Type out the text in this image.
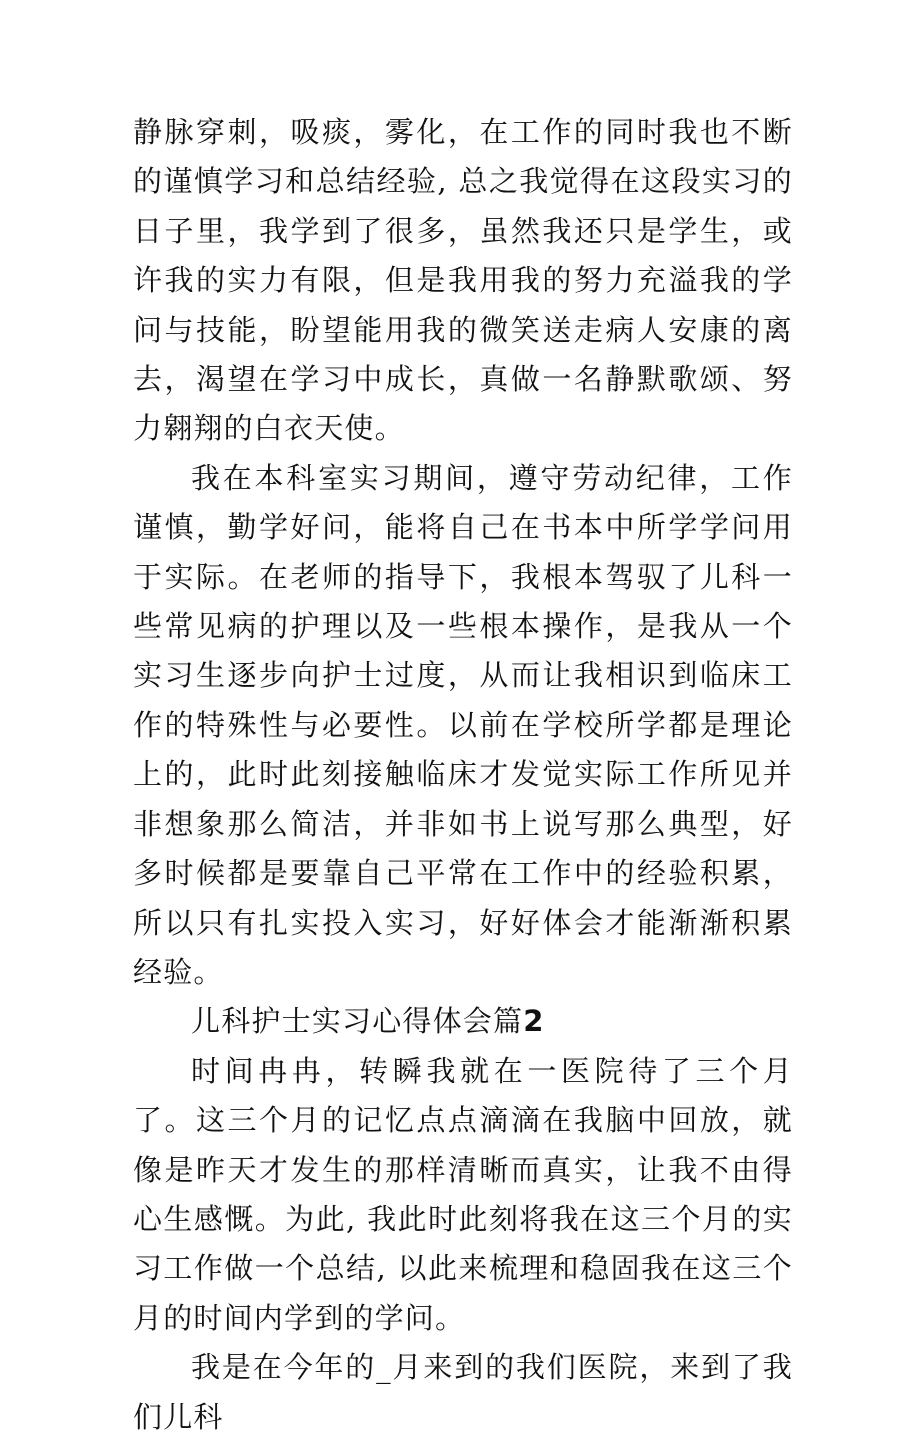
静脉穿刺，吸痰，雾化，在工作的同时我也不断的谨慎学习和总结经验, 总之我觉得在这段实习的日子里，我学到了很多，虽然我还只是学生，或许我的实力有限，但是我用我的努力充溢我的学问与技能，盼望能用我的微笑送走病人安康的离去，渴望在学习中成长，真做一名静默歌颂、努力翱翔的白衣天使。

我在本科室实习期间，遵守劳动纪律，工作谨慎，勤学好问，能将自己在书本中所学学问用于实际。在老师的指导下，我根本驾驭了儿科一些常见病的护理以及一些根本操作，是我从一个实习生逐步向护士过度，从而让我相识到临床工作的特殊性与必要性。以前在学校所学都是理论上的，此时此刻接触临床才发觉实际工作所见并非想象那么简洁，并非如书上说写那么典型，好多时候都是要靠自己平常在工作中的经验积累，所以只有扎实投入实习，好好体会才能渐渐积累经验。

儿科护士实习心得体会篇2

时间冉冉，转瞬我就在一医院待了三个月了。这三个月的记忆点点滴滴在我脑中回放，就像是昨天才发生的那样清晰而真实，让我不由得心生感慨。为此, 我此时此刻将我在这三个月的实习工作做一个总结, 以此来梳理和稳固我在这三个月的时间内学到的学问。

我是在今年的_月来到的我们医院，来到了我们儿科
